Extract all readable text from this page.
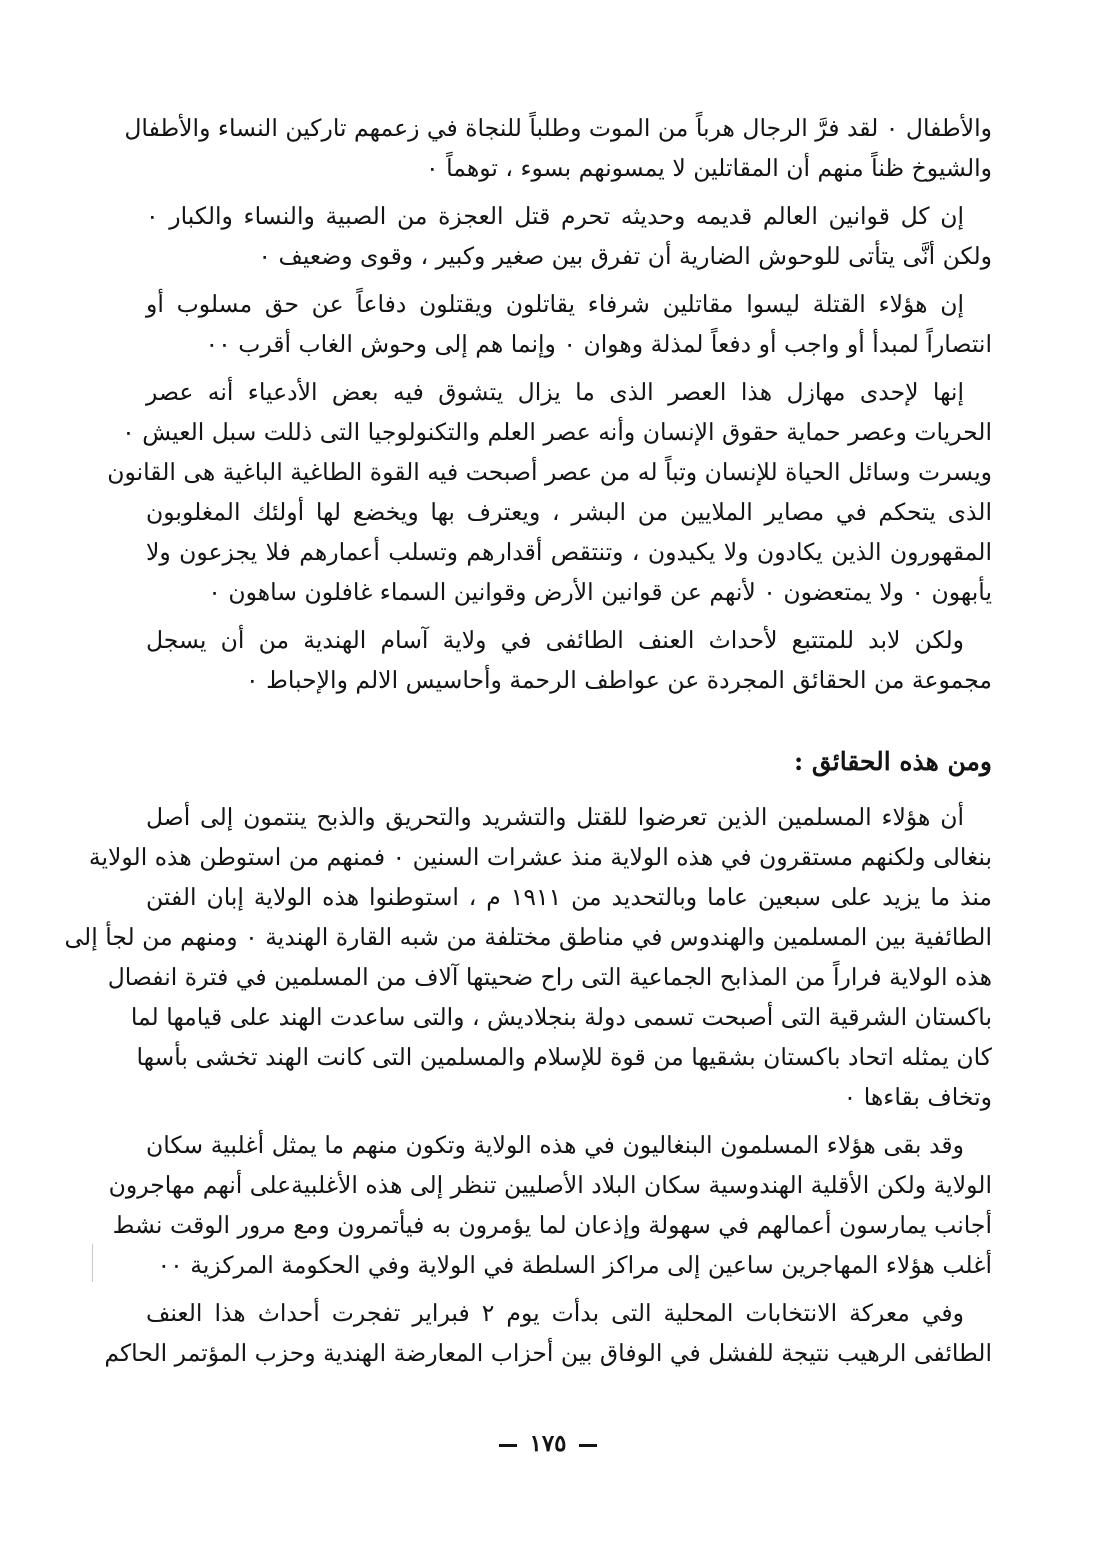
والأطفال ٠ لقد فرَّ الرجال هرباً من الموت وطلباً للنجاة في زعمهم تاركين النساء والأطفال
والشيوخ ظناً منهم أن المقاتلين لا يمسونهم بسوء ، توهماً ٠
إن كل قوانين العالم قديمه وحديثه تحرم قتل العجزة من الصبية والنساء والكبار ٠
ولكن أنَّى يتأتى للوحوش الضارية أن تفرق بين صغير وكبير ، وقوى وضعيف ٠
إن هؤلاء القتلة ليسوا مقاتلين شرفاء يقاتلون ويقتلون دفاعاً عن حق مسلوب أو
انتصاراً لمبدأ أو واجب أو دفعاً لمذلة وهوان ٠ وإنما هم إلى وحوش الغاب أقرب ٠٠
إنها لإحدى مهازل هذا العصر الذى ما يزال يتشوق فيه بعض الأدعياء أنه عصر
الحريات وعصر حماية حقوق الإنسان وأنه عصر العلم والتكنولوجيا التى ذللت سبل العيش ٠
ويسرت وسائل الحياة للإنسان وتباً له من عصر أصبحت فيه القوة الطاغية الباغية هى القانون
الذى يتحكم في مصاير الملايين من البشر ، ويعترف بها ويخضع لها أولئك المغلوبون
المقهورون الذين يكادون ولا يكيدون ، وتنتقص أقدارهم وتسلب أعمارهم فلا يجزعون ولا
يأبهون ٠ ولا يمتعضون ٠ لأنهم عن قوانين الأرض وقوانين السماء غافلون ساهون ٠
ولكن لابد للمتتبع لأحداث العنف الطائفى في ولاية آسام الهندية من أن يسجل
مجموعة من الحقائق المجردة عن عواطف الرحمة وأحاسيس الالم والإحباط ٠
ومن هذه الحقائق :
أن هؤلاء المسلمين الذين تعرضوا للقتل والتشريد والتحريق والذبح ينتمون إلى أصل
بنغالى ولكنهم مستقرون في هذه الولاية منذ عشرات السنين ٠ فمنهم من استوطن هذه الولاية
منذ ما يزيد على سبعين عاما وبالتحديد من ١٩١١ م ، استوطنوا هذه الولاية إبان الفتن
الطائفية بين المسلمين والهندوس في مناطق مختلفة من شبه القارة الهندية ٠ ومنهم من لجأ إلى
هذه الولاية فراراً من المذابح الجماعية التى راح ضحيتها آلاف من المسلمين في فترة انفصال
باكستان الشرقية التى أصبحت تسمى دولة بنجلاديش ، والتى ساعدت الهند على قيامها لما
كان يمثله اتحاد باكستان بشقيها من قوة للإسلام والمسلمين التى كانت الهند تخشى بأسها
وتخاف بقاءها ٠
وقد بقى هؤلاء المسلمون البنغاليون في هذه الولاية وتكون منهم ما يمثل أغلبية سكان
الولاية ولكن الأقلية الهندوسية سكان البلاد الأصليين تنظر إلى هذه الأغلبيةعلى أنهم مهاجرون
أجانب يمارسون أعمالهم في سهولة وإذعان لما يؤمرون به فيأتمرون ومع مرور الوقت نشط
أغلب هؤلاء المهاجرين ساعين إلى مراكز السلطة في الولاية وفي الحكومة المركزية ٠٠
وفي معركة الانتخابات المحلية التى بدأت يوم ٢ فبراير تفجرت أحداث هذا العنف
الطائفى الرهيب نتيجة للفشل في الوفاق بين أحزاب المعارضة الهندية وحزب المؤتمر الحاكم
١٧٥
